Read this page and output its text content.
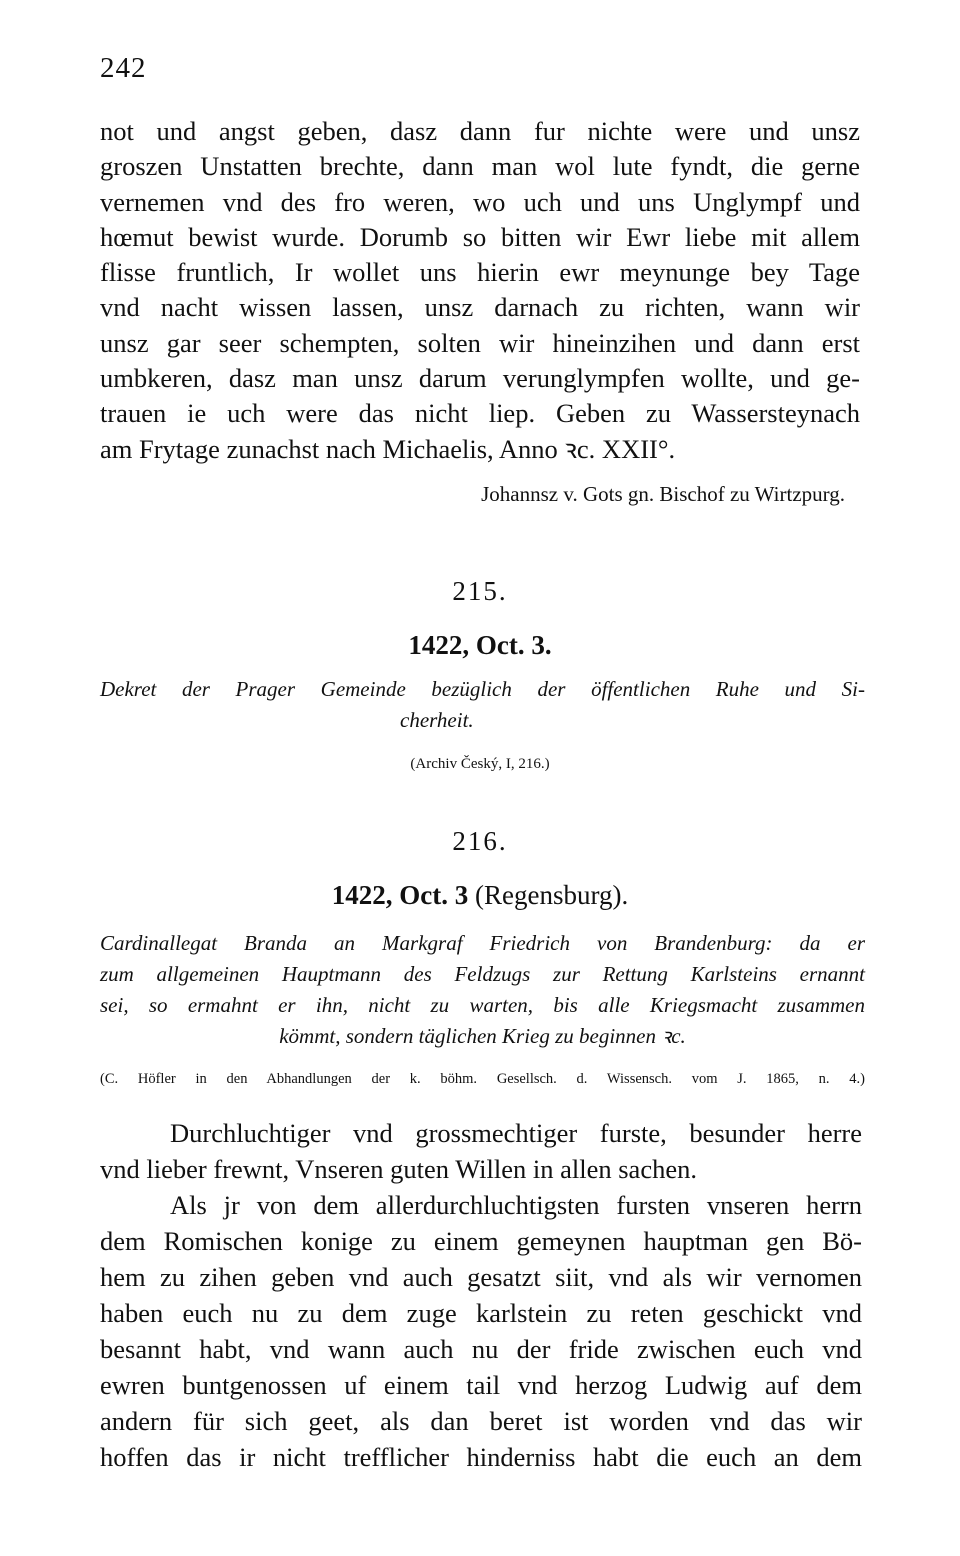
242
not und angst geben, dasz dann fur nichte were und unsz
groszen Unstatten brechte, dann man wol lute fyndt, die gerne
vernemen vnd des fro weren, wo uch und uns Unglympf und
hœmut bewist wurde. Dorumb so bitten wir Ewr liebe mit allem
flisse fruntlich, Ir wollet uns hierin ewr meynunge bey Tage
vnd nacht wissen lassen, unsz darnach zu richten, wann wir
unsz gar seer schempten, solten wir hineinzihen und dann erst
umbkeren, dasz man unsz darum verunglympfen wollte, und ge-
trauen ie uch were das nicht liep. Geben zu Wassersteynach
am Frytage zunachst nach Michaelis, Anno ꝛc. XXII°.
Johannsz v. Gots gn. Bischof zu Wirtzpurg.
215.
1422, Oct. 3.
Dekret der Prager Gemeinde bezüglich der öffentlichen Ruhe und Si-
cherheit.
(Archiv Český, I, 216.)
216.
1422, Oct. 3 (Regensburg).
Cardinallegat Branda an Markgraf Friedrich von Brandenburg: da er
zum allgemeinen Hauptmann des Feldzugs zur Rettung Karlsteins ernannt
sei, so ermahnt er ihn, nicht zu warten, bis alle Kriegsmacht zusammen
kömmt, sondern täglichen Krieg zu beginnen ꝛc.
(C. Höfler in den Abhandlungen der k. böhm. Gesellsch. d. Wissensch. vom J. 1865, n. 4.)
Durchluchtiger vnd grossmechtiger furste, besunder herre
vnd lieber frewnt, Vnseren guten Willen in allen sachen.
Als jr von dem allerdurchluchtigsten fursten vnseren herrn
dem Romischen konige zu einem gemeynen hauptman gen Bö-
hem zu zihen geben vnd auch gesatzt siit, vnd als wir vernomen
haben euch nu zu dem zuge karlstein zu reten geschickt vnd
besannt habt, vnd wann auch nu der fride zwischen euch vnd
ewren buntgenossen uf einem tail vnd herzog Ludwig auf dem
andern für sich geet, als dan beret ist worden vnd das wir
hoffen das ir nicht trefflicher hinderniss habt die euch an dem
